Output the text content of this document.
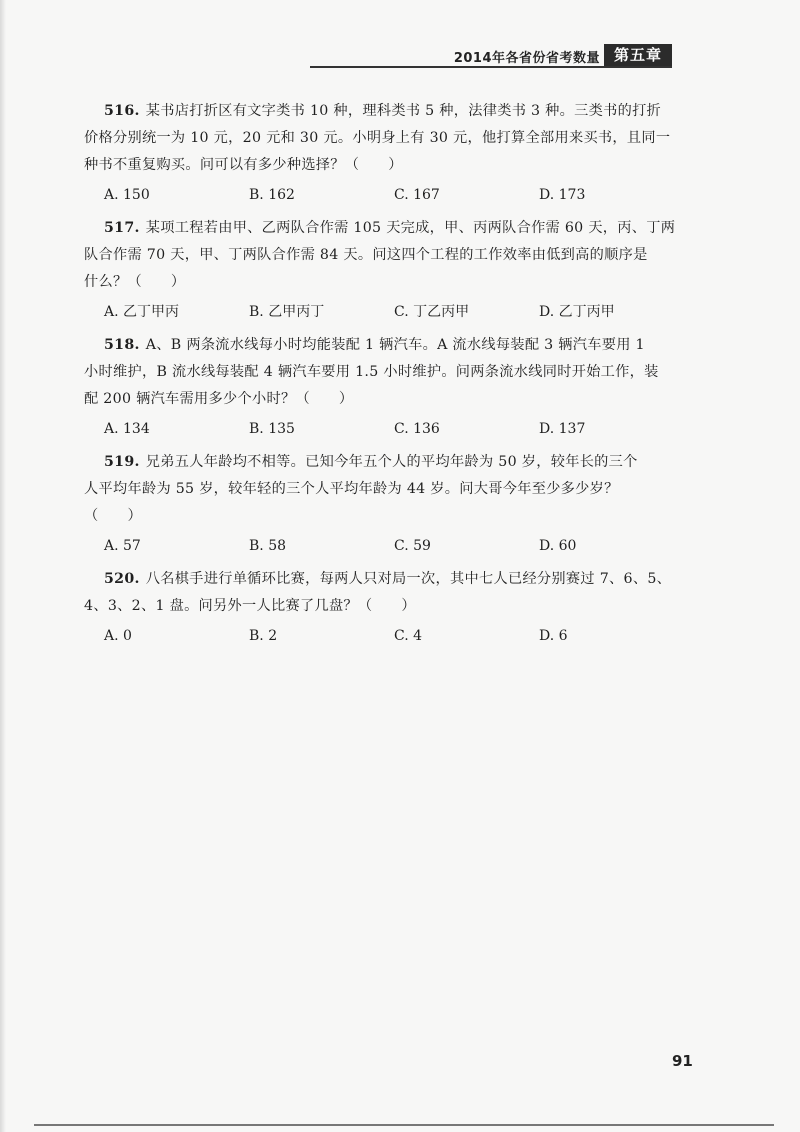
2014年各省份省考数量 第五章

516. 某书店打折区有文字类书 10 种，理科类书 5 种，法律类书 3 种。三类书的打折

价格分别统一为 10 元，20 元和 30 元。小明身上有 30 元，他打算全部用来买书，且同一

种书不重复购买。问可以有多少种选择？（　　）

A. 150	B. 162	C. 167	D. 173

517. 某项工程若由甲、乙两队合作需 105 天完成，甲、丙两队合作需 60 天，丙、丁两

队合作需 70 天，甲、丁两队合作需 84 天。问这四个工程的工作效率由低到高的顺序是

什么？（　　）

A. 乙丁甲丙	B. 乙甲丙丁	C. 丁乙丙甲	D. 乙丁丙甲

518. A、B 两条流水线每小时均能装配 1 辆汽车。A 流水线每装配 3 辆汽车要用 1

小时维护，B 流水线每装配 4 辆汽车要用 1.5 小时维护。问两条流水线同时开始工作，装

配 200 辆汽车需用多少个小时？（　　）

A. 134	B. 135	C. 136	D. 137

519. 兄弟五人年龄均不相等。已知今年五个人的平均年龄为 50 岁，较年长的三个

人平均年龄为 55 岁，较年轻的三个人平均年龄为 44 岁。问大哥今年至少多少岁？

（　　）

A. 57	B. 58	C. 59	D. 60

520. 八名棋手进行单循环比赛，每两人只对局一次，其中七人已经分别赛过 7、6、5、

4、3、2、1 盘。问另外一人比赛了几盘？（　　）

A. 0	B. 2	C. 4	D. 6
91
